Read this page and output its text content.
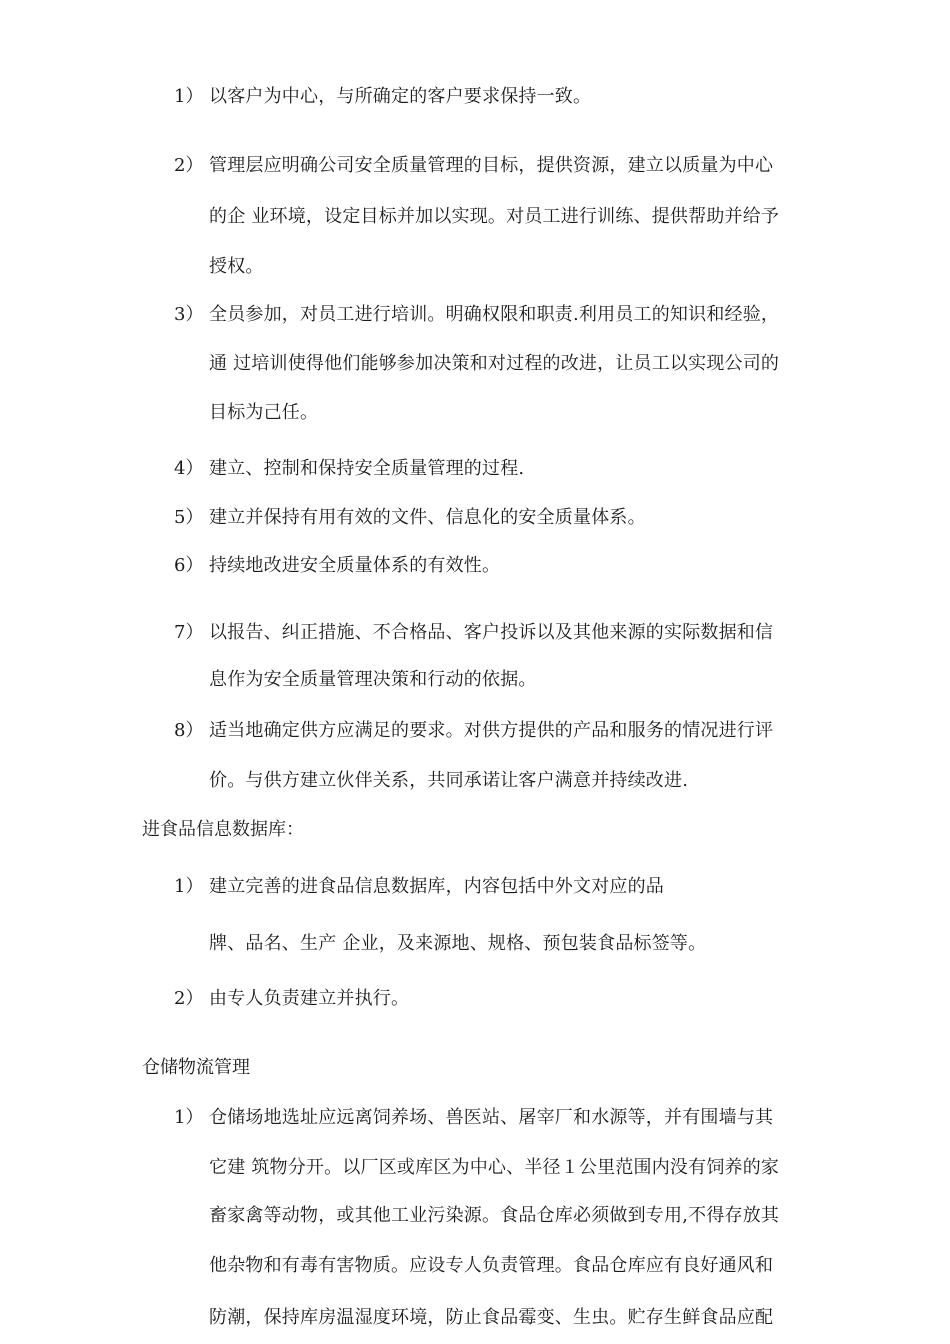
1） 以客户为中心，与所确定的客户要求保持一致。
2） 管理层应明确公司安全质量管理的目标，提供资源，建立以质量为中心
的企 业环境，设定目标并加以实现。对员工进行训练、提供帮助并给予
授权。
3） 全员参加，对员工进行培训。明确权限和职责.利用员工的知识和经验，
通 过培训使得他们能够参加决策和对过程的改进，让员工以实现公司的
目标为己任。
4） 建立、控制和保持安全质量管理的过程.
5） 建立并保持有用有效的文件、信息化的安全质量体系。
6） 持续地改进安全质量体系的有效性。
7） 以报告、纠正措施、不合格品、客户投诉以及其他来源的实际数据和信
息作为安全质量管理决策和行动的依据。
8） 适当地确定供方应满足的要求。对供方提供的产品和服务的情况进行评
价。与供方建立伙伴关系，共同承诺让客户满意并持续改进.
进食品信息数据库：
1） 建立完善的进食品信息数据库，内容包括中外文对应的品
牌、品名、生产 企业，及来源地、规格、预包装食品标签等。
2） 由专人负责建立并执行。
仓储物流管理
1） 仓储场地选址应远离饲养场、兽医站、屠宰厂和水源等，并有围墙与其
它建 筑物分开。以厂区或库区为中心、半径１公里范围内没有饲养的家
畜家禽等动物，或其他工业污染源。食品仓库必须做到专用,不得存放其
他杂物和有毒有害物质。应设专人负责管理。食品仓库应有良好通风和
防潮，保持库房温湿度环境，防止食品霉变、生虫。贮存生鲜食品应配
